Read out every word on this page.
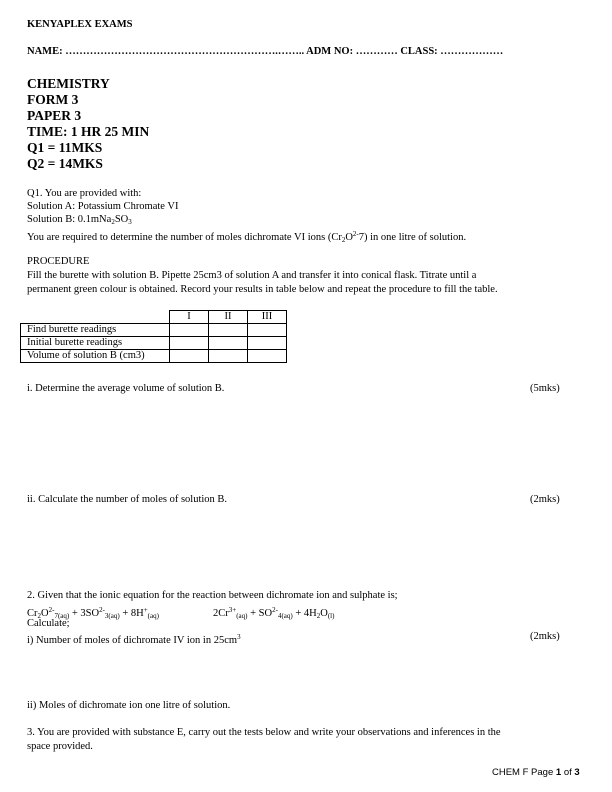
KENYAPLEX EXAMS
NAME: …………………………………………………….…….. ADM NO: ………… CLASS: ………………
CHEMISTRY
FORM 3
PAPER 3
TIME: 1 HR 25 MIN
Q1 = 11MKS
Q2 = 14MKS
Q1. You are provided with:
Solution A: Potassium Chromate VI
Solution B: $0.1mNa_2SO_3$
You are required to determine the number of moles dichromate VI ions $(Cr_2O^{2-}7)$ in one litre of solution.
PROCEDURE
Fill the burette with solution B. Pipette 25cm3 of solution A and transfer it into conical flask. Titrate until a
permanent green colour is obtained. Record your results in table below and repeat the procedure to fill the table.
	I	II	III
Find burette readings			
Initial burette readings			
Volume of solution B (cm3)			
i. Determine the average volume of solution B.	(5mks)
ii. Calculate the number of moles of solution B.	(2mks)
2. Given that the ionic equation for the reaction between dichromate ion and sulphate is;
$Cr_2O^{2-}_{7(aq)} + 3SO^{2-}_{3(aq)} + 8H^+_{(aq)}$	$2Cr^{3+}_{(aq)} + SO^{2-}_{4(aq)} + 4H_2O_{(l)}$
Calculate;
i) Number of moles of dichromate IV ion in $25cm^3$	(2mks)
ii) Moles of dichromate ion one litre of solution.
3. You are provided with substance E, carry out the tests below and write your observations and inferences in the
space provided.
CHEM F Page 1 of 3
